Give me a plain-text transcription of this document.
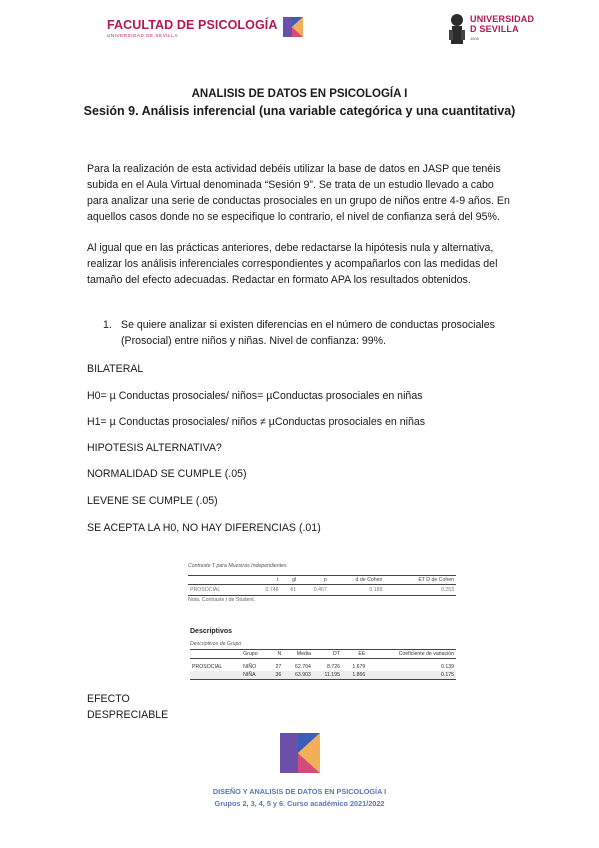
FACULTAD DE PSICOLOGÍA
UNIVERSIDAD DE SEVILLA
UNIVERSIDAD
D SEVILLA
1505
ANALISIS DE DATOS EN PSICOLOGÍA I
Sesión 9. Análisis inferencial (una variable categórica y una cuantitativa)
Para la realización de esta actividad debéis utilizar la base de datos en JASP que tenéis subida en el Aula Virtual denominada “Sesión 9”. Se trata de un estudio llevado a cabo para analizar una serie de conductas prosociales en un grupo de niños entre 4-9 años. En aquellos casos donde no se especifique lo contrario, el nivel de confianza será del 95%.
Al igual que en las prácticas anteriores, debe redactarse la hipótesis nula y alternativa, realizar los análisis inferenciales correspondientes y acompañarlos con las medidas del tamaño del efecto adecuadas. Redactar en formato APA los resultados obtenidos.
1. Se quiere analizar si existen diferencias en el número de conductas prosociales (Prosocial) entre niños y niñas. Nivel de confianza: 99%.
BILATERAL
H0= µ Conductas prosociales/ niños= µConductas prosociales en niñas
H1= µ Conductas prosociales/ niños ≠ µConductas prosociales en niñas
HIPOTESIS ALTERNATIVA?
NORMALIDAD SE CUMPLE (.05)
LEVENE SE CUMPLE (.05)
SE ACEPTA LA H0, NO HAY DIFERENCIAS (.01)
Contraste T para Muestras Independientes
	t	gl	p	d de Cohen	ET D de Cohen
PROSOCIAL	0.748	61	0.457	0.189	0.253
Nota. Contraste t de Student.
Descriptivos
Descriptivos de Grupo
	Grupo	N	Media	DT	EE	Coeficiente de variación
PROSOCIAL	NIÑO	27	62.704	8.726	1.679	0.139
	NIÑA	36	63.903	11.195	1.866	0.175
EFECTO
DESPRECIABLE
DISEÑO Y ANALISIS DE DATOS EN PSICOLOGÍA I
Grupos 2, 3, 4, 5 y 6. Curso académico 2021/2022
